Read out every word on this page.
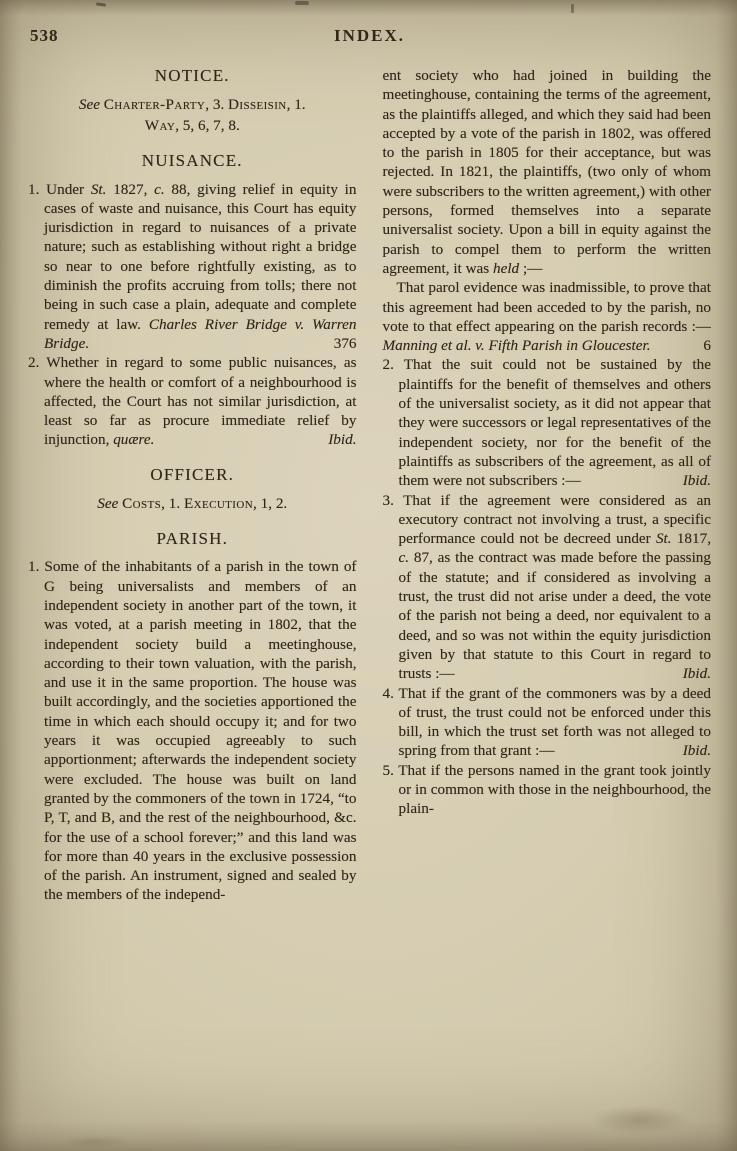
538	INDEX.
NOTICE.

See Charter-Party, 3. Disseisin, 1.
Way, 5, 6, 7, 8.

NUISANCE.

1. Under St. 1827, c. 88, giving relief in equity in cases of waste and nuisance, this Court has equity jurisdiction in regard to nuisances of a private nature; such as establishing without right a bridge so near to one before rightfully existing, as to diminish the profits accruing from tolls; there not being in such case a plain, adequate and complete remedy at law. Charles River Bridge v. Warren Bridge.	376

2. Whether in regard to some public nuisances, as where the health or comfort of a neighbourhood is affected, the Court has not similar jurisdiction, at least so far as procure immediate relief by injunction, quære.	Ibid.

OFFICER.

See Costs, 1. Execution, 1, 2.

PARISH.

1. Some of the inhabitants of a parish in the town of G being universalists and members of an independent society in another part of the town, it was voted, at a parish meeting in 1802, that the independent society build a meetinghouse, according to their town valuation, with the parish, and use it in the same proportion. The house was built accordingly, and the societies apportioned the time in which each should occupy it; and for two years it was occupied agreeably to such apportionment; afterwards the independent society were excluded. The house was built on land granted by the commoners of the town in 1724, “to P, T, and B, and the rest of the neighbourhood, &c. for the use of a school forever;” and this land was for more than 40 years in the exclusive possession of the parish. An instrument, signed and sealed by the members of the independ-

ent society who had joined in building the meetinghouse, containing the terms of the agreement, as the plaintiffs alleged, and which they said had been accepted by a vote of the parish in 1802, was offered to the parish in 1805 for their acceptance, but was rejected. In 1821, the plaintiffs, (two only of whom were subscribers to the written agreement,) with other persons, formed themselves into a separate universalist society. Upon a bill in equity against the parish to compel them to perform the written agreement, it was held ;—

That parol evidence was inadmissible, to prove that this agreement had been acceded to by the parish, no vote to that effect appearing on the parish records :—Manning et al. v. Fifth Parish in Gloucester.	6

2. That the suit could not be sustained by the plaintiffs for the benefit of themselves and others of the universalist society, as it did not appear that they were successors or legal representatives of the independent society, nor for the benefit of the plaintiffs as subscribers of the agreement, as all of them were not subscribers :—	Ibid.

3. That if the agreement were considered as an executory contract not involving a trust, a specific performance could not be decreed under St. 1817, c. 87, as the contract was made before the passing of the statute; and if considered as involving a trust, the trust did not arise under a deed, the vote of the parish not being a deed, nor equivalent to a deed, and so was not within the equity jurisdiction given by that statute to this Court in regard to trusts :—	Ibid.

4. That if the grant of the commoners was by a deed of trust, the trust could not be enforced under this bill, in which the trust set forth was not alleged to spring from that grant :—	Ibid.

5. That if the persons named in the grant took jointly or in common with those in the neighbourhood, the plain-
